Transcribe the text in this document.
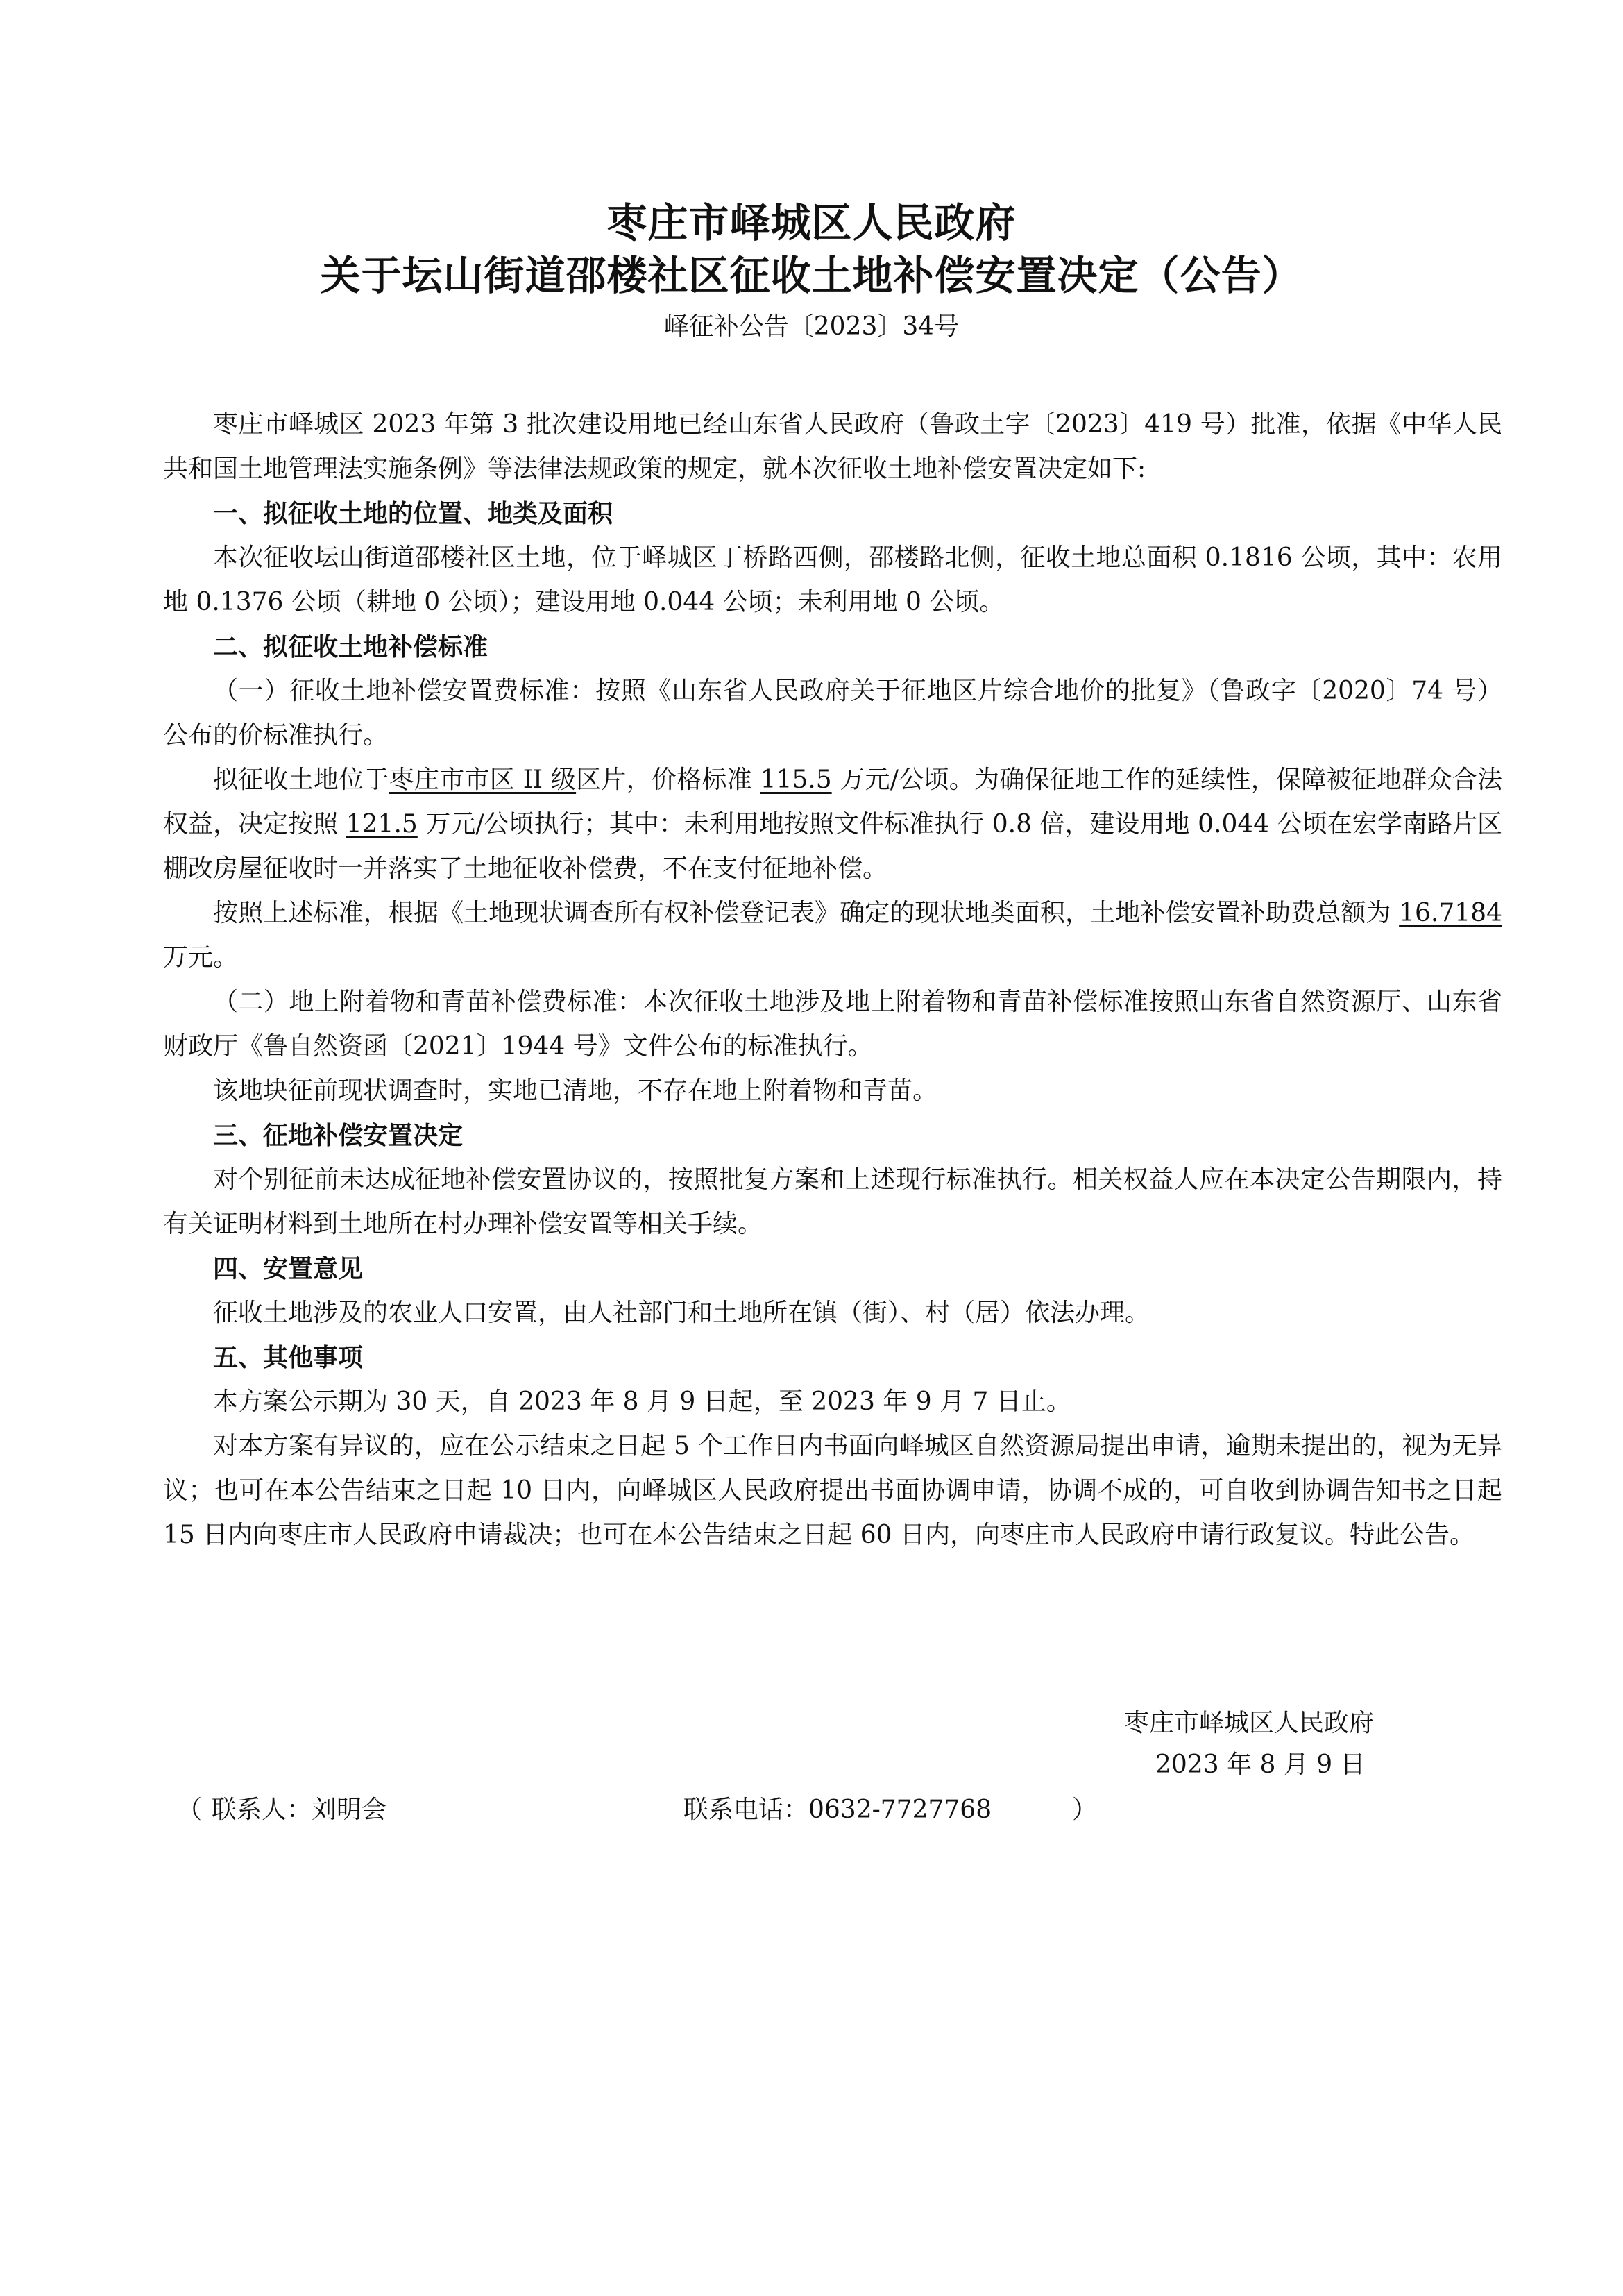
枣庄市峄城区人民政府
关于坛山街道邵楼社区征收土地补偿安置决定（公告）
峄征补公告〔2023〕34号

枣庄市峄城区 2023 年第 3 批次建设用地已经山东省人民政府（鲁政土字〔2023〕419 号）批准，依据《中华人民共和国土地管理法实施条例》等法律法规政策的规定，就本次征收土地补偿安置决定如下:

一、拟征收土地的位置、地类及面积

本次征收坛山街道邵楼社区土地，位于峄城区丁桥路西侧，邵楼路北侧，征收土地总面积 0.1816 公顷，其中：农用地 0.1376 公顷（耕地 0 公顷）；建设用地 0.044 公顷；未利用地 0 公顷。

二、拟征收土地补偿标准

（一）征收土地补偿安置费标准：按照《山东省人民政府关于征地区片综合地价的批复》（鲁政字〔2020〕74 号）公布的价标准执行。

拟征收土地位于枣庄市市区 II 级区片，价格标准 115.5 万元/公顷。为确保征地工作的延续性，保障被征地群众合法权益，决定按照 121.5 万元/公顷执行；其中：未利用地按照文件标准执行 0.8 倍，建设用地 0.044 公顷在宏学南路片区棚改房屋征收时一并落实了土地征收补偿费，不在支付征地补偿。

按照上述标准，根据《土地现状调查所有权补偿登记表》确定的现状地类面积，土地补偿安置补助费总额为 16.7184 万元。

（二）地上附着物和青苗补偿费标准：本次征收土地涉及地上附着物和青苗补偿标准按照山东省自然资源厅、山东省财政厅《鲁自然资函〔2021〕1944 号》文件公布的标准执行。

该地块征前现状调查时，实地已清地，不存在地上附着物和青苗。

三、征地补偿安置决定

对个别征前未达成征地补偿安置协议的，按照批复方案和上述现行标准执行。相关权益人应在本决定公告期限内，持有关证明材料到土地所在村办理补偿安置等相关手续。

四、安置意见

征收土地涉及的农业人口安置，由人社部门和土地所在镇（街）、村（居）依法办理。

五、其他事项

本方案公示期为 30 天，自 2023 年 8 月 9 日起，至 2023 年 9 月 7 日止。

对本方案有异议的，应在公示结束之日起 5 个工作日内书面向峄城区自然资源局提出申请，逾期未提出的，视为无异议；也可在本公告结束之日起 10 日内，向峄城区人民政府提出书面协调申请，协调不成的，可自收到协调告知书之日起 15 日内向枣庄市人民政府申请裁决；也可在本公告结束之日起 60 日内，向枣庄市人民政府申请行政复议。特此公告。

枣庄市峄城区人民政府
2023 年 8 月 9 日
（ 联系人：刘明会	联系电话：0632-7727768	）
